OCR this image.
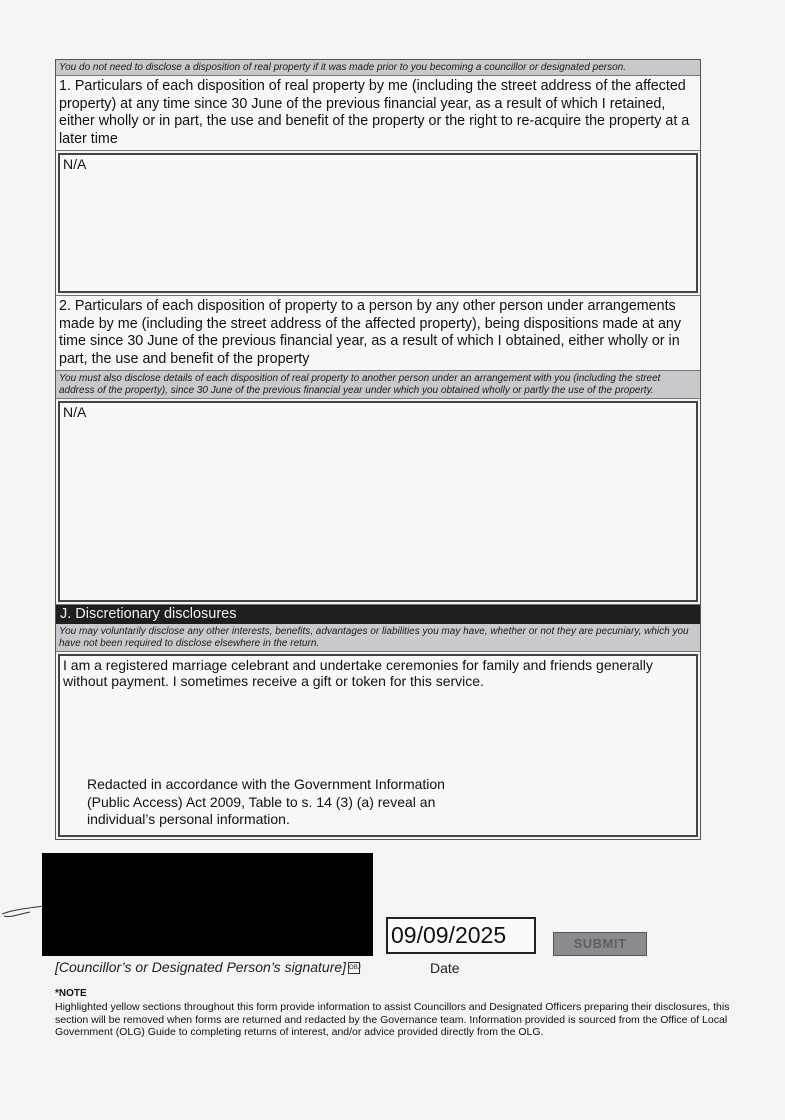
You do not need to disclose a disposition of real property if it was made prior to you becoming a councillor or designated person.
1. Particulars of each disposition of real property by me (including the street address of the affected property) at any time since 30 June of the previous financial year, as a result of which I retained, either wholly or in part, the use and benefit of the property or the right to re-acquire the property at a later time
N/A
2. Particulars of each disposition of property to a person by any other person under arrangements made by me (including the street address of the affected property), being dispositions made at any time since 30 June of the previous financial year, as a result of which I obtained, either wholly or in part, the use and benefit of the property
You must also disclose details of each disposition of real property to another person under an arrangement with you (including the street address of the property), since 30 June of the previous financial year under which you obtained wholly or partly the use of the property.
N/A
J. Discretionary disclosures
You may voluntarily disclose any other interests, benefits, advantages or liabilities you may have, whether or not they are pecuniary, which you have not been required to disclose elsewhere in the return.
I am a registered marriage celebrant and undertake ceremonies for family and friends generally without payment. I sometimes receive a gift or token for this service.
Redacted in accordance with the Government Information (Public Access) Act 2009, Table to s. 14 (3) (a) reveal an individual’s personal information.
09/09/2025	SUBMIT
[Councillor’s or Designated Person’s signature] OBJ	Date
*NOTE
Highlighted yellow sections throughout this form provide information to assist Councillors and Designated Officers preparing their disclosures, this section will be removed when forms are returned and redacted by the Governance team. Information provided is sourced from the Office of Local Government (OLG) Guide to completing returns of interest, and/or advice provided directly from the OLG.
